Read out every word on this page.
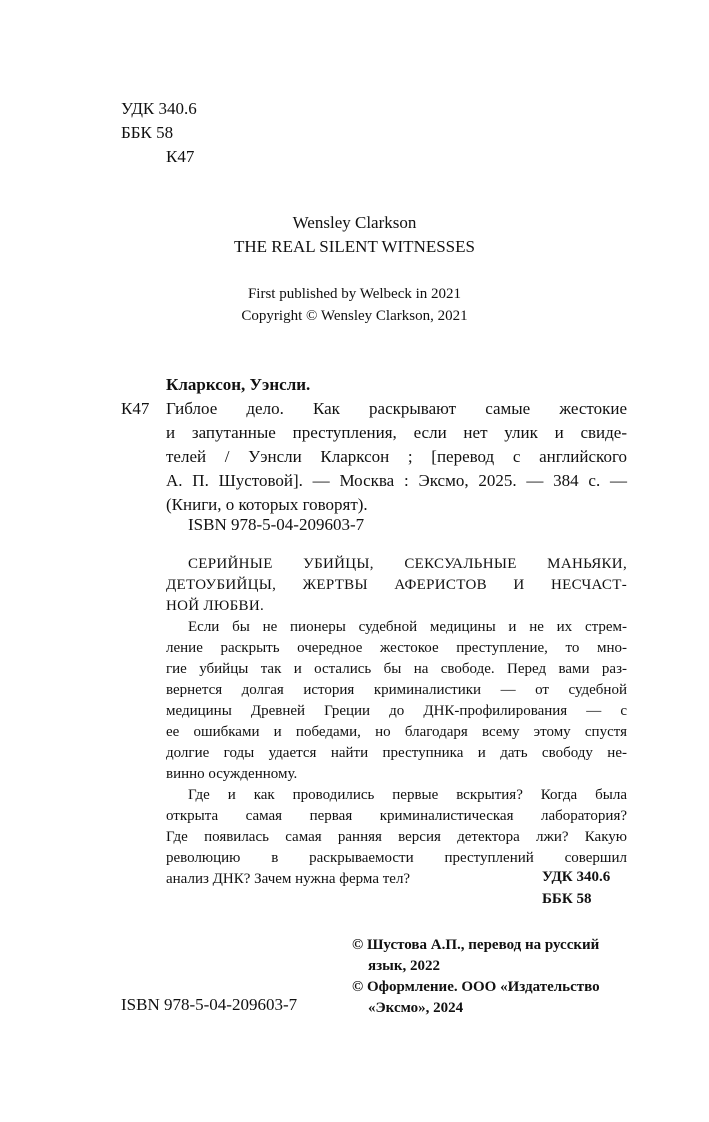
УДК 340.6
ББК 58
К47
Wensley Clarkson
THE REAL SILENT WITNESSES
First published by Welbeck in 2021
Copyright © Wensley Clarkson, 2021
Кларксон, Уэнсли.
К47 Гиблое дело. Как раскрывают самые жестокие
и запутанные преступления, если нет улик и свиде-
телей / Уэнсли Кларксон ; [перевод с английского
А. П. Шустовой]. — Москва : Эксмо, 2025. — 384 с. —
(Книги, о которых говорят).
ISBN 978-5-04-209603-7
СЕРИЙНЫЕ УБИЙЦЫ, СЕКСУАЛЬНЫЕ МАНЬЯКИ,
ДЕТОУБИЙЦЫ, ЖЕРТВЫ АФЕРИСТОВ И НЕСЧАСТ-
НОЙ ЛЮБВИ.
Если бы не пионеры судебной медицины и не их стрем-
ление раскрыть очередное жестокое преступление, то мно-
гие убийцы так и остались бы на свободе. Перед вами раз-
вернется долгая история криминалистики — от судебной
медицины Древней Греции до ДНК-профилирования — с
ее ошибками и победами, но благодаря всему этому спустя
долгие годы удается найти преступника и дать свободу не-
винно осужденному.
Где и как проводились первые вскрытия? Когда была
открыта самая первая криминалистическая лаборатория?
Где появилась самая ранняя версия детектора лжи? Какую
революцию в раскрываемости преступлений совершил
анализ ДНК? Зачем нужна ферма тел?	УДК 340.6
ББК 58
© Шустова А.П., перевод на русский
язык, 2022
© Оформление. ООО «Издательство
«Эксмо», 2024
ISBN 978-5-04-209603-7
